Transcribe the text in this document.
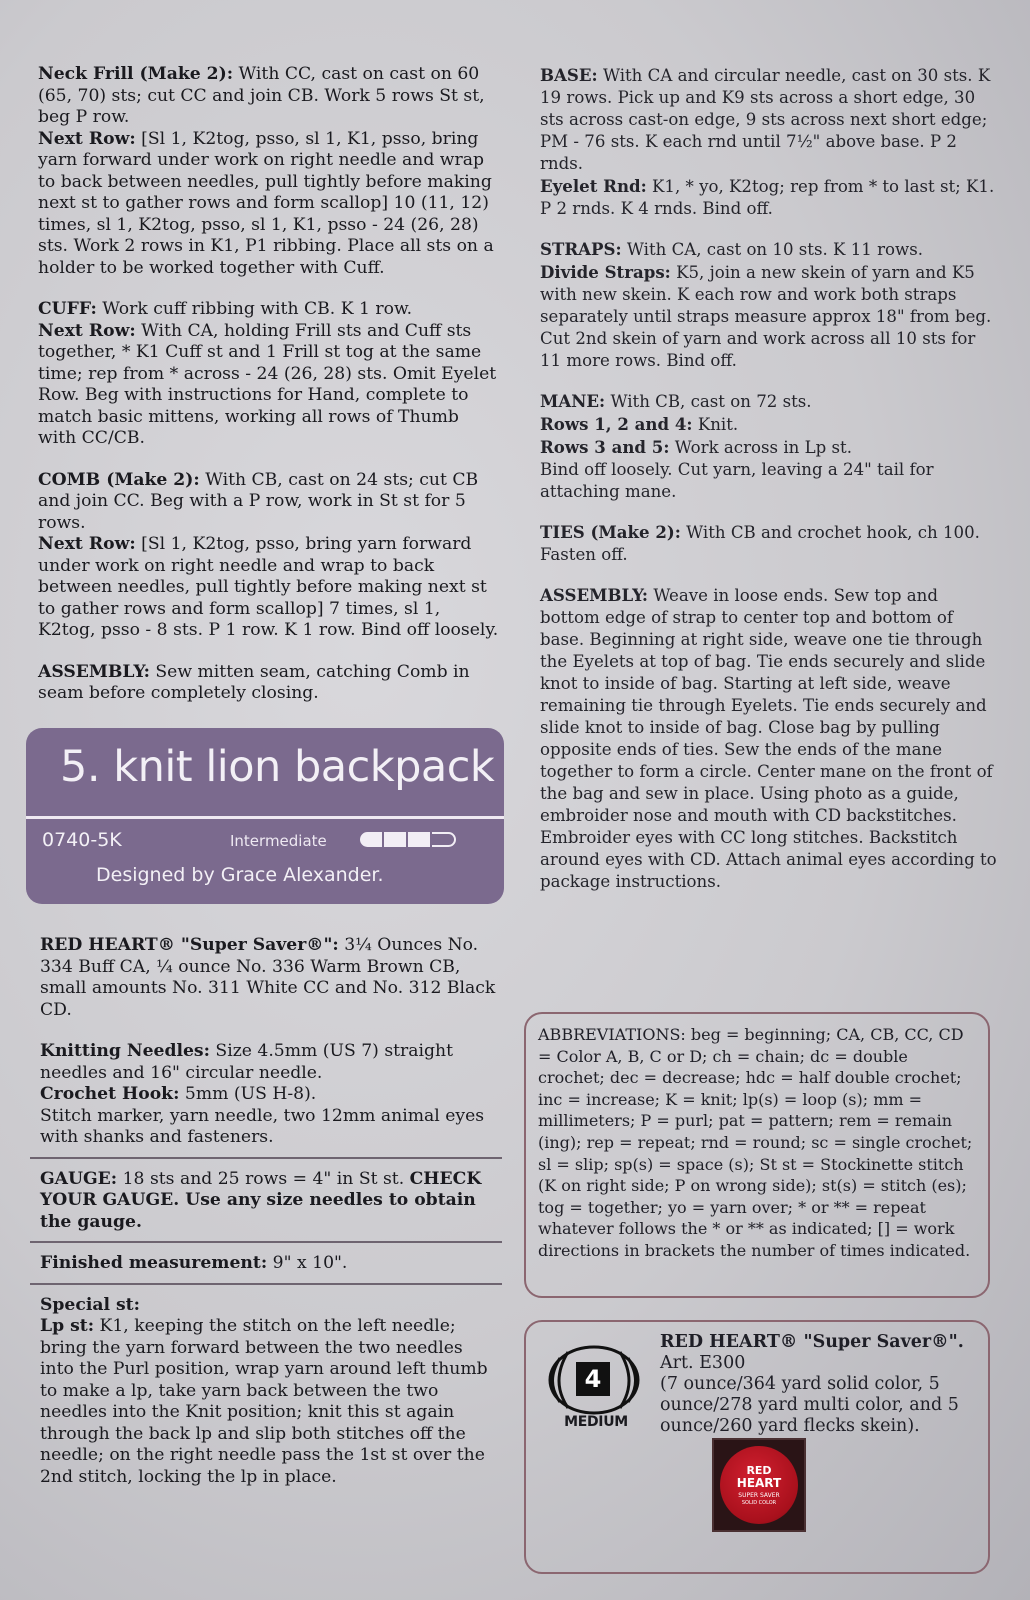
Neck Frill (Make 2): With CC, cast on cast on 60 (65, 70) sts; cut CC and join CB. Work 5 rows St st, beg P row.

Next Row: [Sl 1, K2tog, psso, sl 1, K1, psso, bring yarn forward under work on right needle and wrap to back between needles, pull tightly before making next st to gather rows and form scallop] 10 (11, 12) times, sl 1, K2tog, psso, sl 1, K1, psso - 24 (26, 28) sts. Work 2 rows in K1, P1 ribbing. Place all sts on a holder to be worked together with Cuff.

CUFF: Work cuff ribbing with CB. K 1 row.

Next Row: With CA, holding Frill sts and Cuff sts together, * K1 Cuff st and 1 Frill st tog at the same time; rep from * across - 24 (26, 28) sts. Omit Eyelet Row. Beg with instructions for Hand, complete to match basic mittens, working all rows of Thumb with CC/CB.

COMB (Make 2): With CB, cast on 24 sts; cut CB and join CC. Beg with a P row, work in St st for 5 rows.

Next Row: [Sl 1, K2tog, psso, bring yarn forward under work on right needle and wrap to back between needles, pull tightly before making next st to gather rows and form scallop] 7 times, sl 1, K2tog, psso - 8 sts. P 1 row. K 1 row. Bind off loosely.

ASSEMBLY: Sew mitten seam, catching Comb in seam before completely closing.

5. knit lion backpack
0740-5K	Intermediate
Designed by Grace Alexander.

RED HEART® "Super Saver®": 3¼ Ounces No. 334 Buff CA, ¼ ounce No. 336 Warm Brown CB, small amounts No. 311 White CC and No. 312 Black CD.

Knitting Needles: Size 4.5mm (US 7) straight needles and 16" circular needle.

Crochet Hook: 5mm (US H-8).

Stitch marker, yarn needle, two 12mm animal eyes with shanks and fasteners.

GAUGE: 18 sts and 25 rows = 4" in St st. CHECK YOUR GAUGE. Use any size needles to obtain the gauge.

Finished measurement: 9" x 10".

Special st:

Lp st: K1, keeping the stitch on the left needle; bring the yarn forward between the two needles into the Purl position, wrap yarn around left thumb to make a lp, take yarn back between the two needles into the Knit position; knit this st again through the back lp and slip both stitches off the needle; on the right needle pass the 1st st over the 2nd stitch, locking the lp in place.

BASE: With CA and circular needle, cast on 30 sts. K 19 rows. Pick up and K9 sts across a short edge, 30 sts across cast-on edge, 9 sts across next short edge; PM - 76 sts. K each rnd until 7½" above base. P 2 rnds.

Eyelet Rnd: K1, * yo, K2tog; rep from * to last st; K1. P 2 rnds. K 4 rnds. Bind off.

STRAPS: With CA, cast on 10 sts. K 11 rows.

Divide Straps: K5, join a new skein of yarn and K5 with new skein. K each row and work both straps separately until straps measure approx 18" from beg. Cut 2nd skein of yarn and work across all 10 sts for 11 more rows. Bind off.

MANE: With CB, cast on 72 sts.

Rows 1, 2 and 4: Knit.

Rows 3 and 5: Work across in Lp st.

Bind off loosely. Cut yarn, leaving a 24" tail for attaching mane.

TIES (Make 2): With CB and crochet hook, ch 100. Fasten off.

ASSEMBLY: Weave in loose ends. Sew top and bottom edge of strap to center top and bottom of base. Beginning at right side, weave one tie through the Eyelets at top of bag. Tie ends securely and slide knot to inside of bag. Starting at left side, weave remaining tie through Eyelets. Tie ends securely and slide knot to inside of bag. Close bag by pulling opposite ends of ties. Sew the ends of the mane together to form a circle. Center mane on the front of the bag and sew in place. Using photo as a guide, embroider nose and mouth with CD backstitches. Embroider eyes with CC long stitches. Backstitch around eyes with CD. Attach animal eyes according to package instructions.

ABBREVIATIONS: beg = beginning; CA, CB, CC, CD = Color A, B, C or D; ch = chain; dc = double crochet; dec = decrease; hdc = half double crochet; inc = increase; K = knit; lp(s) = loop (s); mm = millimeters; P = purl; pat = pattern; rem = remain (ing); rep = repeat; rnd = round; sc = single crochet; sl = slip; sp(s) = space (s); St st = Stockinette stitch (K on right side; P on wrong side); st(s) = stitch (es); tog = together; yo = yarn over; * or ** = repeat whatever follows the * or ** as indicated; [] = work directions in brackets the number of times indicated.

4
MEDIUM

RED HEART® "Super Saver®".

Art. E300

(7 ounce/364 yard solid color, 5 ounce/278 yard multi color, and 5 ounce/260 yard flecks skein).

RED
HEART
SUPER SAVER
SOLID COLOR
